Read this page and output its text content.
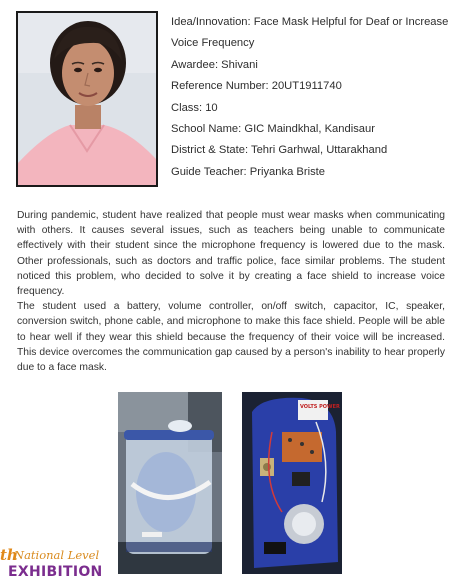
Idea/Innovation: Face Mask Helpful for Deaf or Increase
Voice Frequency
Awardee: Shivani
Reference Number: 20UT1911740
Class: 10
School Name: GIC Maindkhal, Kandisaur
District & State: Tehri Garhwal, Uttarakhand
Guide Teacher: Priyanka Briste

During pandemic, student have realized that people must wear masks when communicating with others. It causes several issues, such as teachers being unable to communicate effectively with their student since the microphone frequency is lowered due to the mask. Other professionals, such as doctors and traffic police, face similar problems. The student noticed this problem, who decided to solve it by creating a face shield to increase voice frequency.

The student used a battery, volume controller, on/off switch, capacitor, IC, speaker, conversion switch, phone cable, and microphone to make this face shield. People will be able to hear well if they wear this shield because the frequency of their voice will be increased. This device overcomes the communication gap caused by a person's inability to hear properly due to a face mask.

VOLTS POWER
th
National Level
EXHIBITION
